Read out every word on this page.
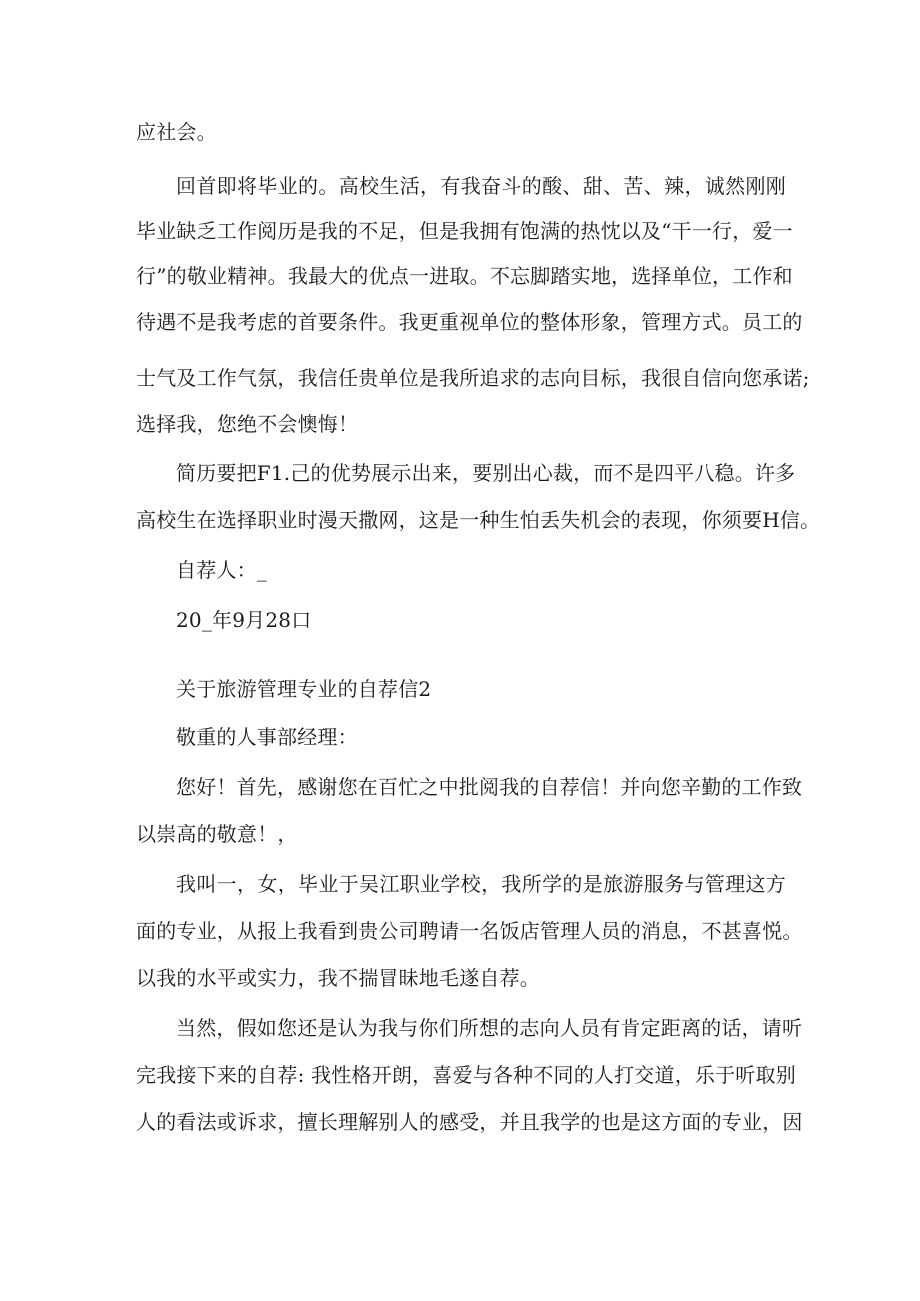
应社会。
回首即将毕业的。高校生活，有我奋斗的酸、甜、苦、辣，诚然刚刚
毕业缺乏工作阅历是我的不足，但是我拥有饱满的热忱以及“干一行，爱一
行”的敬业精神。我最大的优点一进取。不忘脚踏实地，选择单位，工作和
待遇不是我考虑的首要条件。我更重视单位的整体形象，管理方式。员工的
士气及工作气氛，我信任贵单位是我所追求的志向目标，我很自信向您承诺;
选择我，您绝不会懊悔！
简历要把F1.己的优势展示出来，要别出心裁，而不是四平八稳。许多
高校生在选择职业时漫天撒网，这是一种生怕丢失机会的表现，你须要H信。
自荐人：_
20_年9月28口
关于旅游管理专业的自荐信2
敬重的人事部经理：
您好！首先，感谢您在百忙之中批阅我的自荐信！并向您辛勤的工作致
以崇高的敬意！，
我叫一，女，毕业于吴江职业学校，我所学的是旅游服务与管理这方
面的专业，从报上我看到贵公司聘请一名饭店管理人员的消息，不甚喜悦。
以我的水平或实力，我不揣冒昧地毛遂自荐。
当然，假如您还是认为我与你们所想的志向人员有肯定距离的话，请听
完我接下来的自荐: 我性格开朗，喜爱与各种不同的人打交道，乐于听取别
人的看法或诉求，擅长理解别人的感受，并且我学的也是这方面的专业，因
